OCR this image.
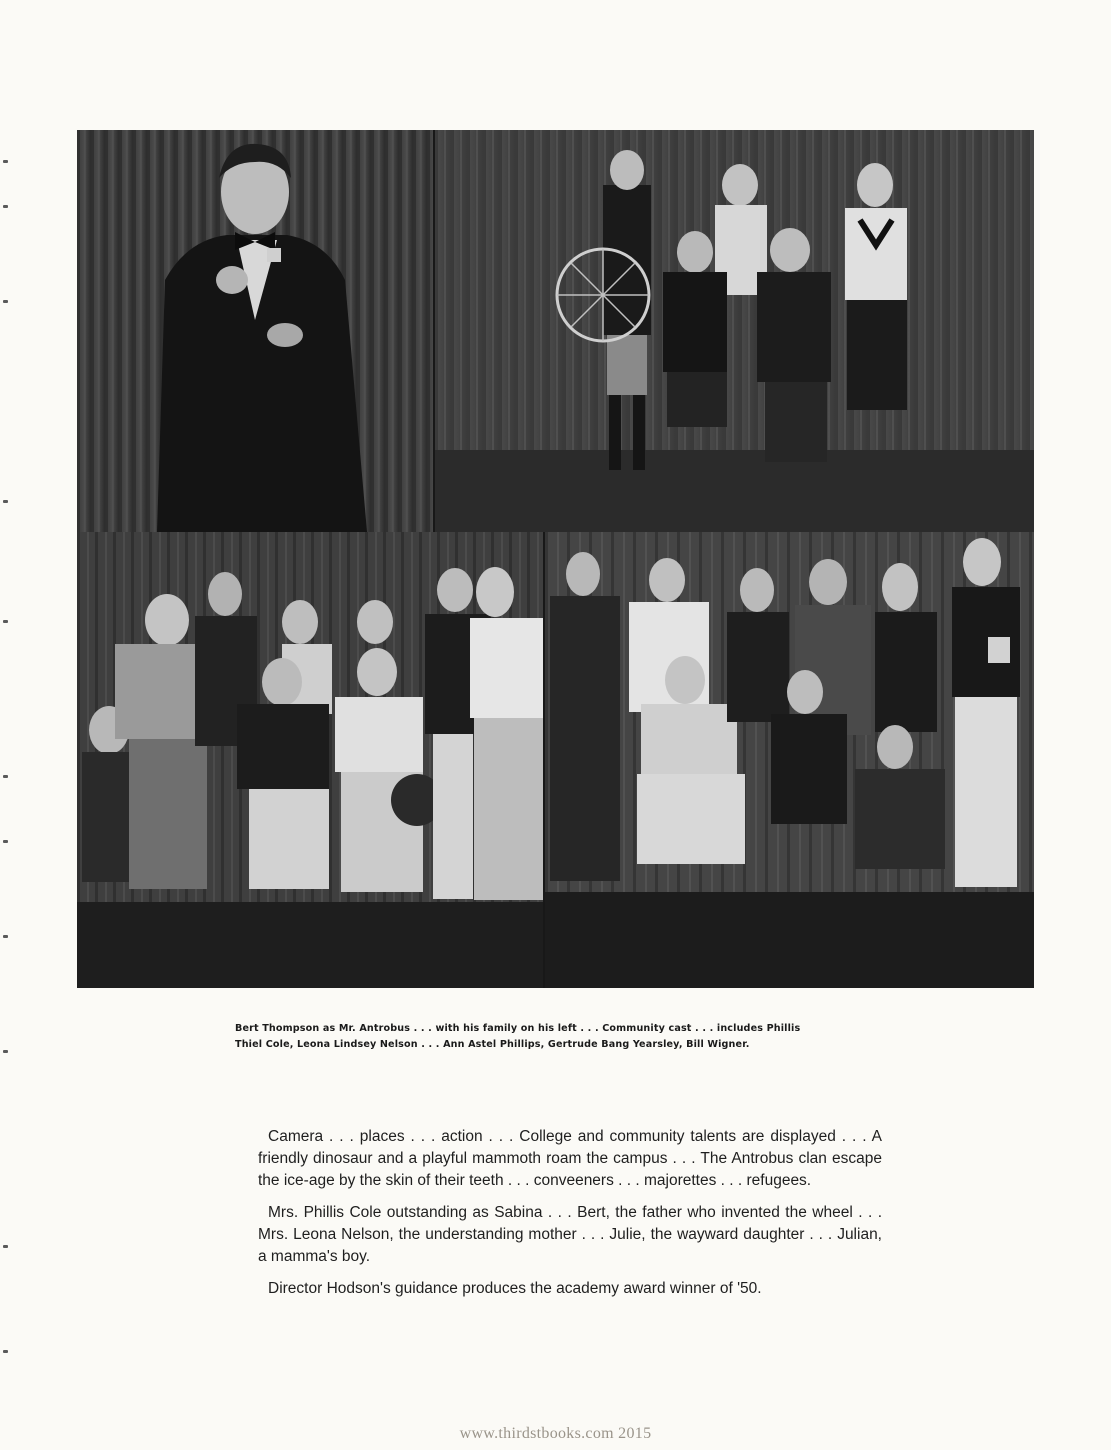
Bert Thompson as Mr. Antrobus . . . with his family on his left . . . Community cast . . . includes Phillis
Thiel Cole, Leona Lindsey Nelson . . . Ann Astel Phillips, Gertrude Bang Yearsley, Bill Wigner.

Camera . . . places . . . action . . . College and community talents are displayed . . . A friendly dinosaur and a playful mammoth roam the campus . . . The Antrobus clan escape the ice-age by the skin of their teeth . . . conveeners . . . majorettes . . . refugees.

Mrs. Phillis Cole outstanding as Sabina . . . Bert, the father who invented the wheel . . . Mrs. Leona Nelson, the understanding mother . . . Julie, the wayward daughter . . . Julian, a mamma's boy.

Director Hodson's guidance produces the academy award winner of '50.

www.thirdstbooks.com 2015
